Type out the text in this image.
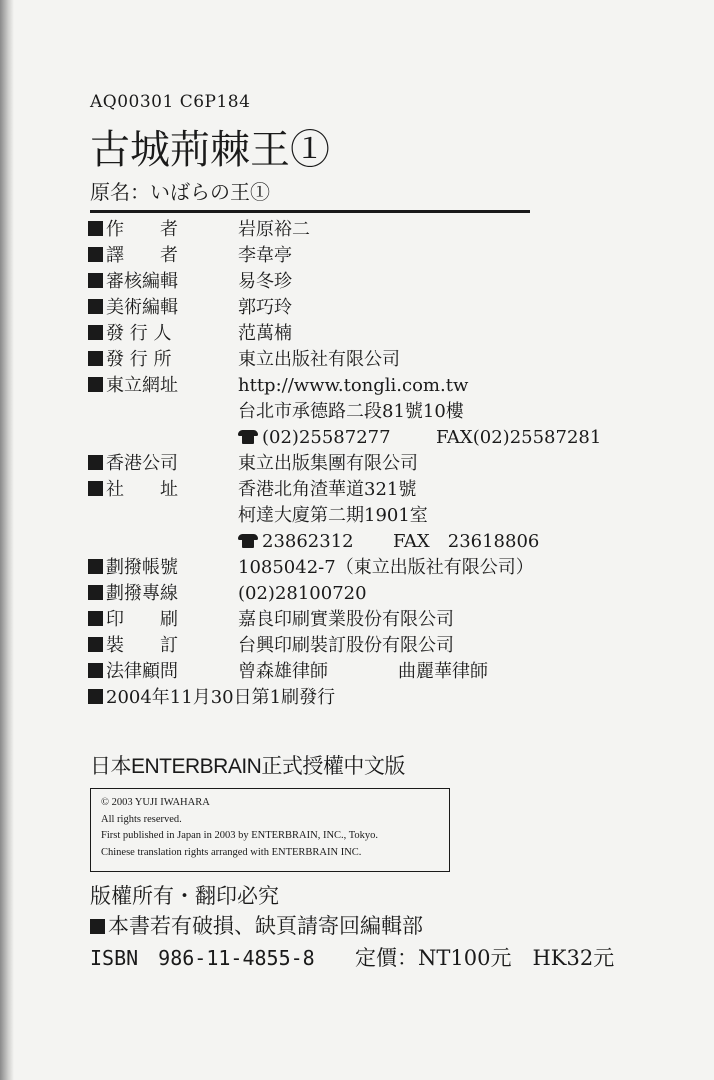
AQ00301 C6P184
古城荊棘王①
原名：いばらの王①
作　　者	岩原裕二
譯　　者	李韋亭
審核編輯	易冬珍
美術編輯	郭巧玲
發 行 人	范萬楠
發 行 所	東立出版社有限公司
東立網址	http://www.tongli.com.tw
台北市承德路二段81號10樓
(02)25587277	FAX(02)25587281
香港公司	東立出版集團有限公司
社　　址	香港北角渣華道321號
柯達大廈第二期1901室
23862312 FAX　23618806
劃撥帳號	1085042-7（東立出版社有限公司）
劃撥專線	(02)28100720
印　　刷	嘉良印刷實業股份有限公司
裝　　訂	台興印刷裝訂股份有限公司
法律顧問	曾森雄律師	曲麗華律師
2004年11月30日第1刷發行
日本ENTERBRAIN正式授權中文版
© 2003 YUJI IWAHARA
All rights reserved.
First published in Japan in 2003 by ENTERBRAIN, INC., Tokyo.
Chinese translation rights arranged with ENTERBRAIN INC.
版權所有・翻印必究
本書若有破損、缺頁請寄回編輯部
ISBN　986-11-4855-8 定價：NT100元　HK32元
